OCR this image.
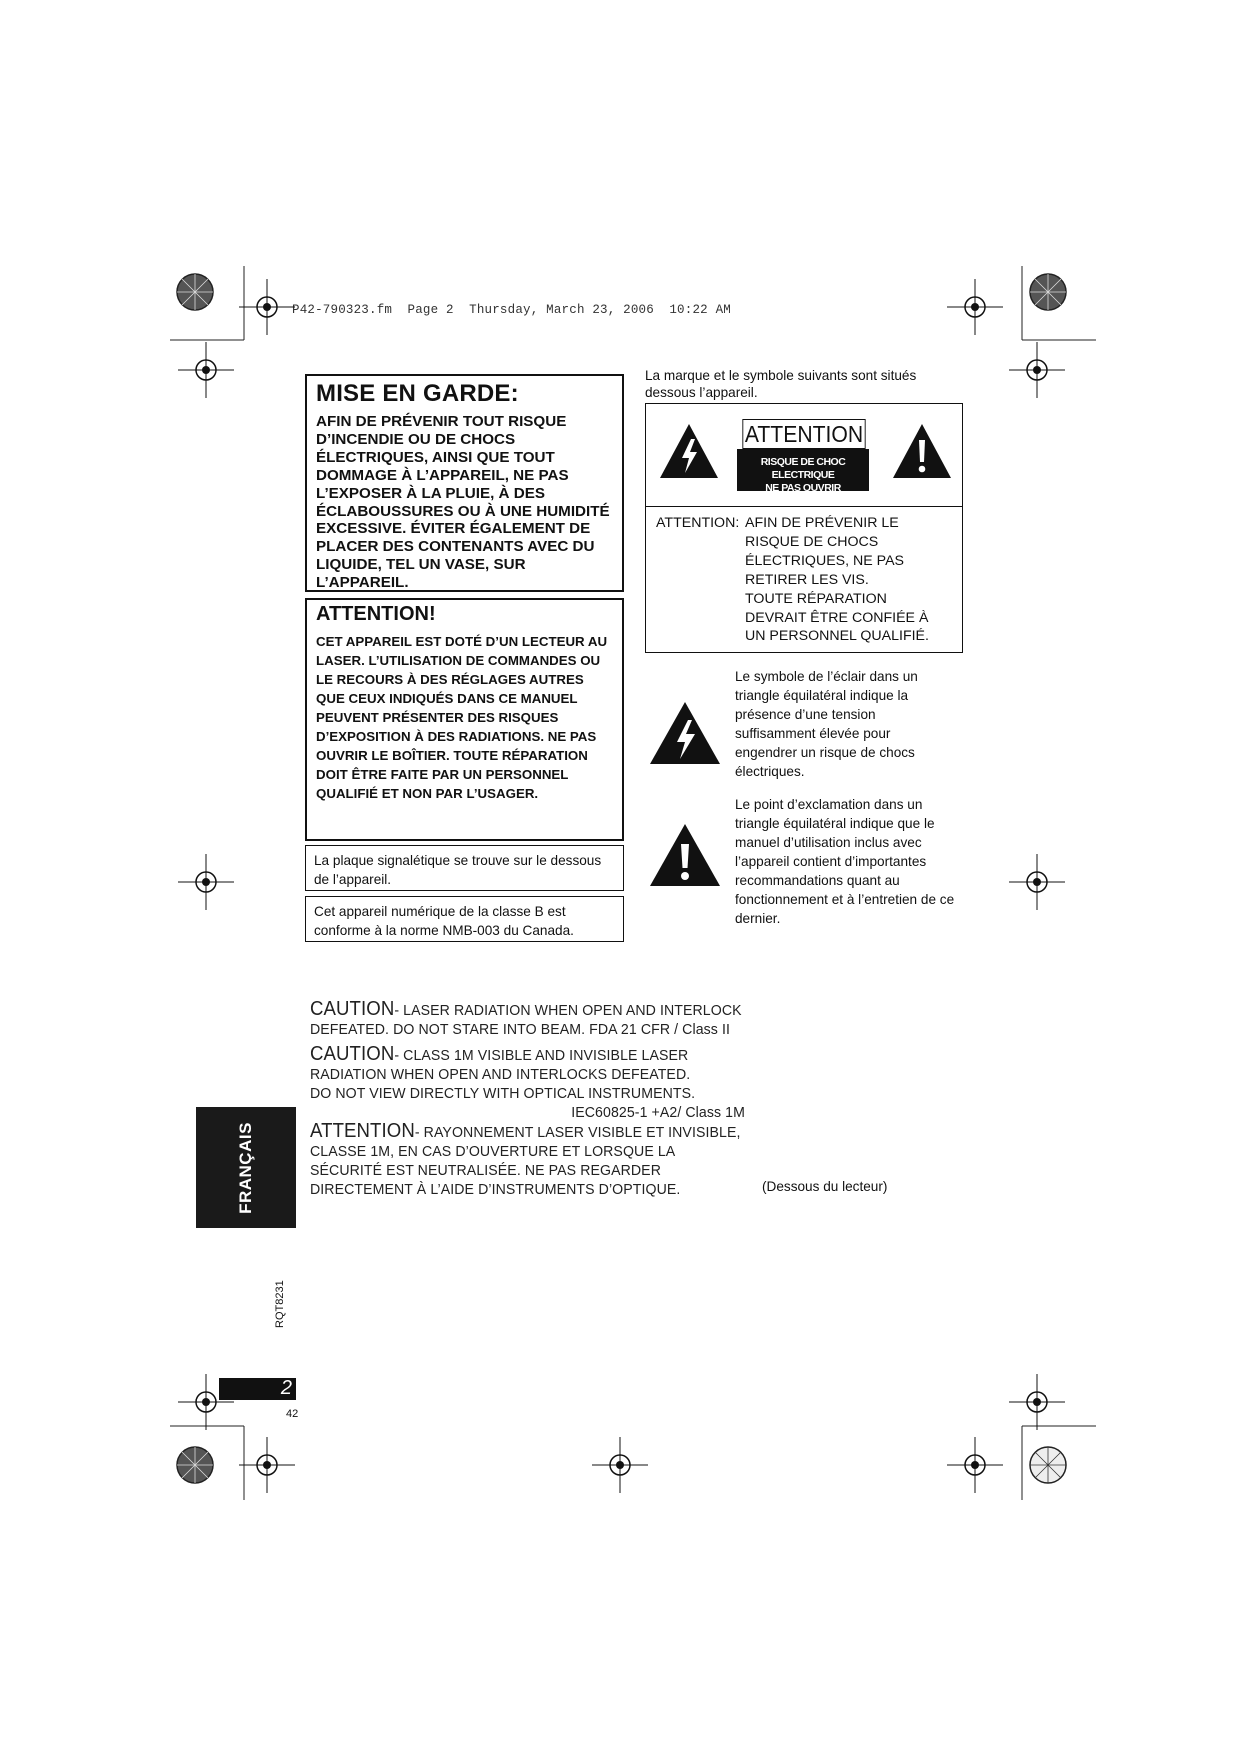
P42-790323.fm  Page 2  Thursday, March 23, 2006  10:22 AM
MISE EN GARDE:

AFIN DE PRÉVENIR TOUT RISQUE D’INCENDIE OU DE CHOCS ÉLECTRIQUES, AINSI QUE TOUT DOMMAGE À L’APPAREIL, NE PAS L’EXPOSER À LA PLUIE, À DES ÉCLABOUSSURES OU À UNE HUMIDITÉ EXCESSIVE. ÉVITER ÉGALEMENT DE PLACER DES CONTENANTS AVEC DU LIQUIDE, TEL UN VASE, SUR L’APPAREIL.

ATTENTION!

CET APPAREIL EST DOTÉ D’UN LECTEUR AU LASER. L’UTILISATION DE COMMANDES OU LE RECOURS À DES RÉGLAGES AUTRES QUE CEUX INDIQUÉS DANS CE MANUEL PEUVENT PRÉSENTER DES RISQUES D’EXPOSITION À DES RADIATIONS. NE PAS OUVRIR LE BOÎTIER. TOUTE RÉPARATION DOIT ÊTRE FAITE PAR UN PERSONNEL QUALIFIÉ ET NON PAR L’USAGER.

La plaque signalétique se trouve sur le dessous de l’appareil.
Cet appareil numérique de la classe B est conforme à la norme NMB-003 du Canada.
La marque et le symbole suivants sont situés dessous l’appareil.
ATTENTION
RISQUE DE CHOC ELECTRIQUE
NE PAS OUVRIR
ATTENTION: AFIN DE PRÉVENIR LE
RISQUE DE CHOCS
ÉLECTRIQUES, NE PAS
RETIRER LES VIS.
TOUTE RÉPARATION
DEVRAIT ÊTRE CONFIÉE À
UN PERSONNEL QUALIFIÉ.
Le symbole de l’éclair dans un triangle équilatéral indique la présence d’une tension suffisamment élevée pour engendrer un risque de chocs électriques.
Le point d’exclamation dans un triangle équilatéral indique que le manuel d’utilisation inclus avec l’appareil contient d’importantes recommandations quant au fonctionnement et à l’entretien de ce dernier.
CAUTION- LASER RADIATION WHEN OPEN AND INTERLOCK
DEFEATED. DO NOT STARE INTO BEAM. FDA 21 CFR / Class II
CAUTION- CLASS 1M VISIBLE AND INVISIBLE LASER
RADIATION WHEN OPEN AND INTERLOCKS DEFEATED.
DO NOT VIEW DIRECTLY WITH OPTICAL INSTRUMENTS.
IEC60825-1 +A2/ Class 1M
ATTENTION- RAYONNEMENT LASER VISIBLE ET INVISIBLE,
CLASSE 1M, EN CAS D’OUVERTURE ET LORSQUE LA
SÉCURITÉ EST NEUTRALISÉE. NE PAS REGARDER
DIRECTEMENT À L’AIDE D’INSTRUMENTS D’OPTIQUE.	(Dessous du lecteur)
FRANÇAIS
RQT8231
2
42
